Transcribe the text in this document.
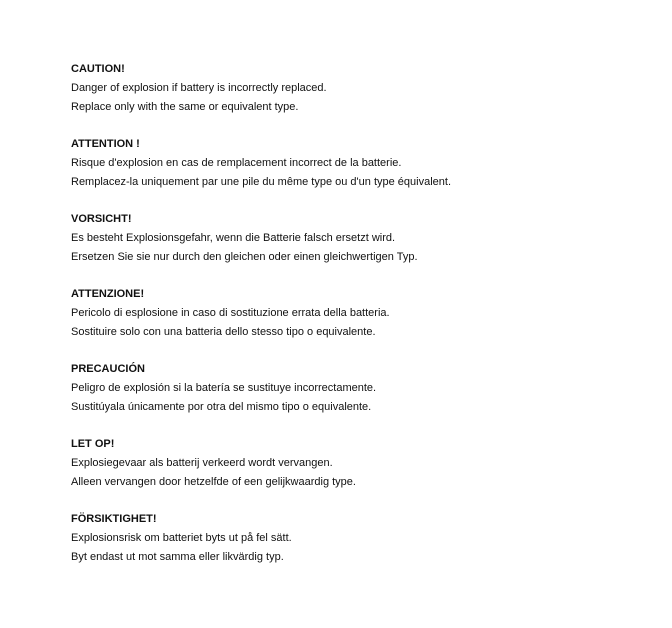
CAUTION!
Danger of explosion if battery is incorrectly replaced.
Replace only with the same or equivalent type.
ATTENTION !
Risque d'explosion en cas de remplacement incorrect de la batterie.
Remplacez-la uniquement par une pile du même type ou d'un type équivalent.
VORSICHT!
Es besteht Explosionsgefahr, wenn die Batterie falsch ersetzt wird.
Ersetzen Sie sie nur durch den gleichen oder einen gleichwertigen Typ.
ATTENZIONE!
Pericolo di esplosione in caso di sostituzione errata della batteria.
Sostituire solo con una batteria dello stesso tipo o equivalente.
PRECAUCIÓN
Peligro de explosión si la batería se sustituye incorrectamente.
Sustitúyala únicamente por otra del mismo tipo o equivalente.
LET OP!
Explosiegevaar als batterij verkeerd wordt vervangen.
Alleen vervangen door hetzelfde of een gelijkwaardig type.
FÖRSIKTIGHET!
Explosionsrisk om batteriet byts ut på fel sätt.
Byt endast ut mot samma eller likvärdig typ.
